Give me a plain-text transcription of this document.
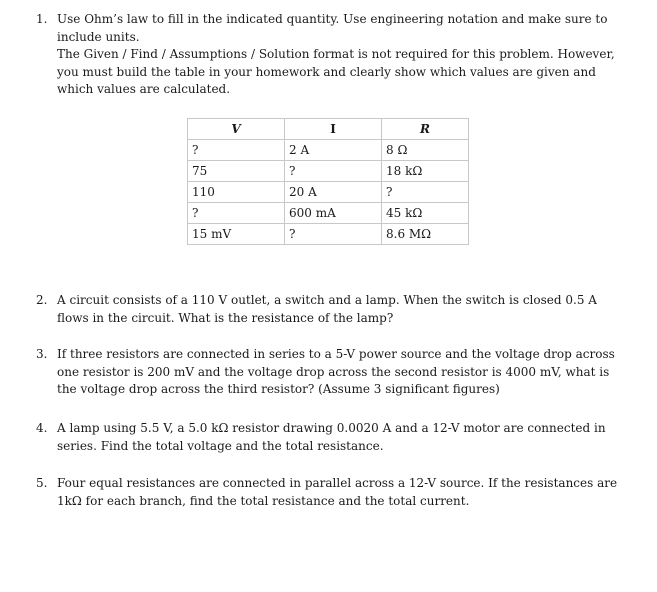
1. Use Ohm’s law to fill in the indicated quantity. Use engineering notation and make sure to include units.

The Given / Find / Assumptions / Solution format is not required for this problem. However, you must build the table in your homework and clearly show which values are given and which values are calculated.

V	I	R
?	2 A	8 Ω
75	?	18 kΩ
110	20 A	?
?	600 mA	45 kΩ
15 mV	?	8.6 MΩ
2. A circuit consists of a 110 V outlet, a switch and a lamp. When the switch is closed 0.5 A flows in the circuit. What is the resistance of the lamp?
3. If three resistors are connected in series to a 5-V power source and the voltage drop across one resistor is 200 mV and the voltage drop across the second resistor is 4000 mV, what is the voltage drop across the third resistor? (Assume 3 significant figures)
4. A lamp using 5.5 V, a 5.0 kΩ resistor drawing 0.0020 A and a 12-V motor are connected in series. Find the total voltage and the total resistance.
5. Four equal resistances are connected in parallel across a 12-V source. If the resistances are 1kΩ for each branch, find the total resistance and the total current.
